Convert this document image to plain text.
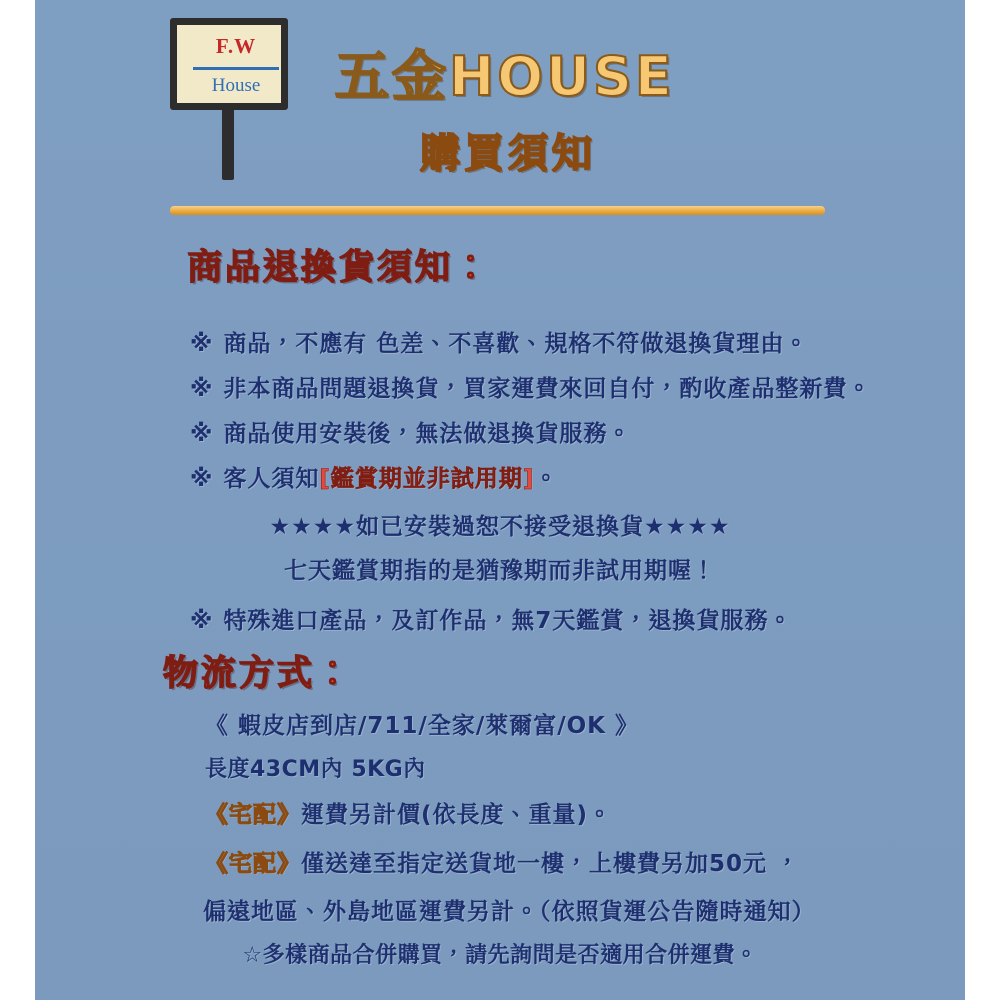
F.W
House	五金HOUSE
購買須知
商品退換貨須知：
※ 商品，不應有 色差、不喜歡、規格不符做退換貨理由。
※ 非本商品問題退換貨，買家運費來回自付，酌收產品整新費。
※ 商品使用安裝後，無法做退換貨服務。
※ 客人須知[鑑賞期並非試用期]。
★★★★如已安裝過恕不接受退換貨★★★★
七天鑑賞期指的是猶豫期而非試用期喔！
※ 特殊進口產品，及訂作品，無7天鑑賞，退換貨服務。
物流方式：
《 蝦皮店到店/711/全家/萊爾富/OK 》
長度43CM內 5KG內
《宅配》運費另計價(依長度、重量)。
《宅配》僅送達至指定送貨地一樓，上樓費另加50元 ，
偏遠地區、外島地區運費另計。（依照貨運公告隨時通知）
☆多樣商品合併購買，請先詢問是否適用合併運費。
